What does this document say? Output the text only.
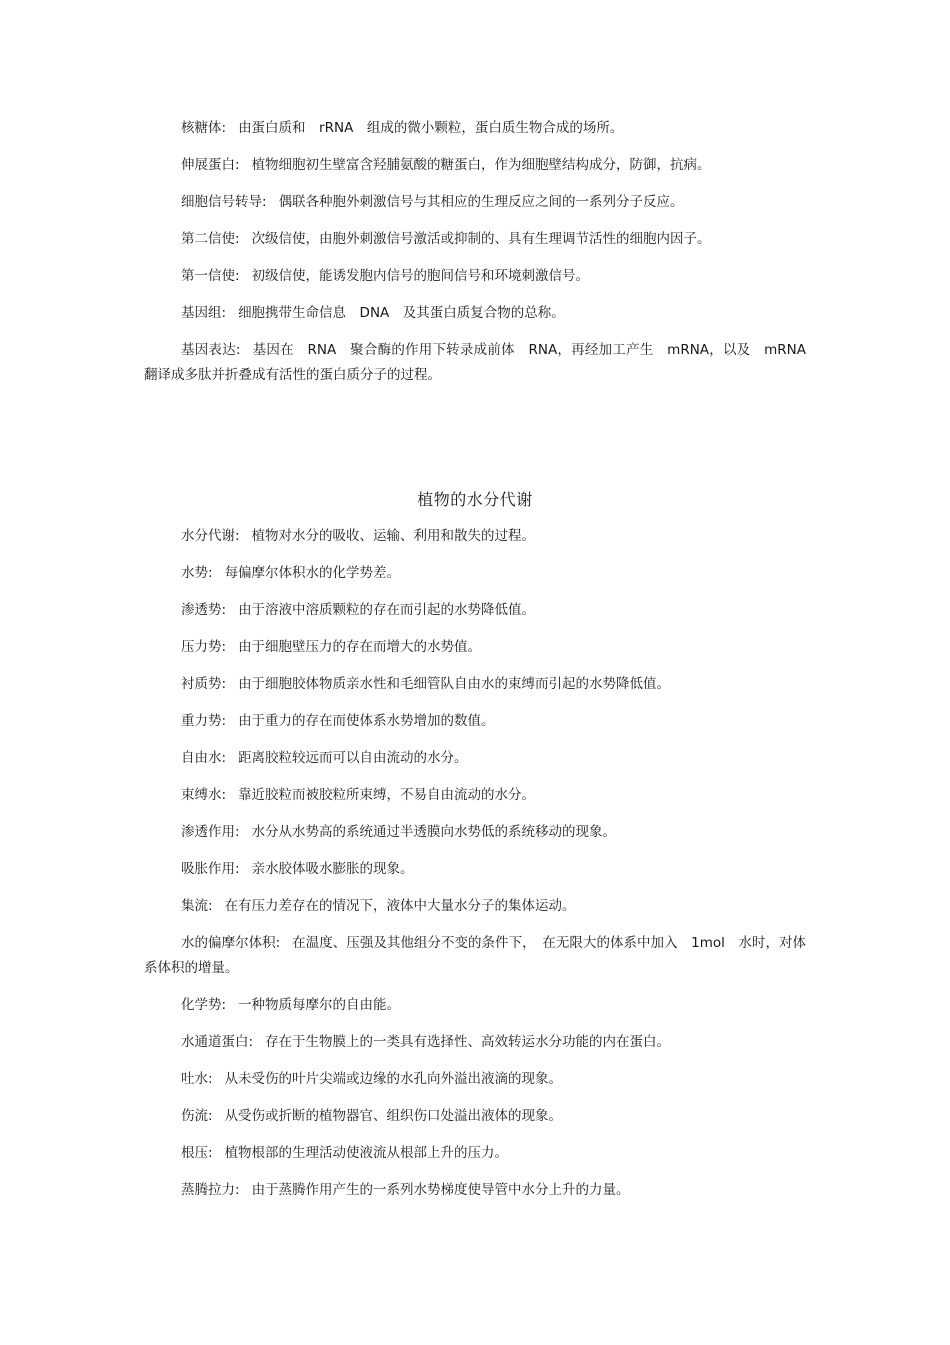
核糖体: 由蛋白质和　rRNA　组成的微小颗粒，蛋白质生物合成的场所。

伸展蛋白: 植物细胞初生壁富含羟脯氨酸的糖蛋白，作为细胞壁结构成分，防御，抗病。

细胞信号转导: 偶联各种胞外刺激信号与其相应的生理反应之间的一系列分子反应。

第二信使: 次级信使，由胞外刺激信号激活或抑制的、具有生理调节活性的细胞内因子。

第一信使: 初级信使，能诱发胞内信号的胞间信号和环境刺激信号。

基因组: 细胞携带生命信息　DNA　及其蛋白质复合物的总称。

基因表达: 基因在　RNA　聚合酶的作用下转录成前体　RNA，再经加工产生　mRNA，以及　mRNA　翻译成多肽并折叠成有活性的蛋白质分子的过程。

植物的水分代谢

水分代谢: 植物对水分的吸收、运输、利用和散失的过程。

水势: 每偏摩尔体积水的化学势差。

渗透势: 由于溶液中溶质颗粒的存在而引起的水势降低值。

压力势: 由于细胞壁压力的存在而增大的水势值。

衬质势: 由于细胞胶体物质亲水性和毛细管队自由水的束缚而引起的水势降低值。

重力势: 由于重力的存在而使体系水势增加的数值。

自由水: 距离胶粒较远而可以自由流动的水分。

束缚水: 靠近胶粒而被胶粒所束缚，不易自由流动的水分。

渗透作用: 水分从水势高的系统通过半透膜向水势低的系统移动的现象。

吸胀作用: 亲水胶体吸水膨胀的现象。

集流: 在有压力差存在的情况下，液体中大量水分子的集体运动。

水的偏摩尔体积: 在温度、压强及其他组分不变的条件下，　在无限大的体系中加入　1mol　水时，对体系体积的增量。

化学势: 一种物质每摩尔的自由能。

水通道蛋白: 存在于生物膜上的一类具有选择性、高效转运水分功能的内在蛋白。

吐水: 从未受伤的叶片尖端或边缘的水孔向外溢出液滴的现象。

伤流: 从受伤或折断的植物器官、组织伤口处溢出液体的现象。

根压: 植物根部的生理活动使液流从根部上升的压力。

蒸腾拉力: 由于蒸腾作用产生的一系列水势梯度使导管中水分上升的力量。
